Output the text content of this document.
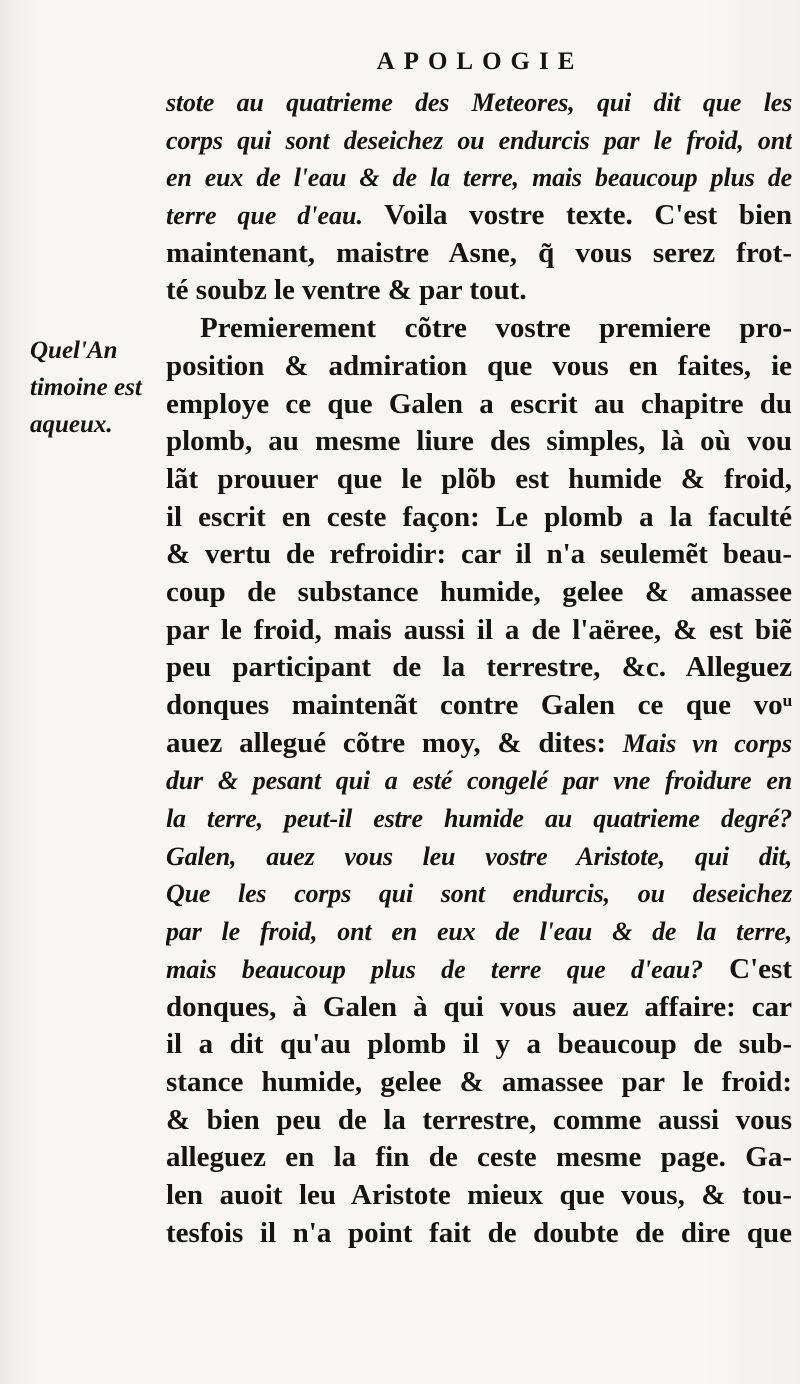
APOLOGIE
Quel'An
timoine est
aqueux.
stote au quatrieme des Meteores, qui dit que les
corps qui sont deseichez ou endurcis par le froid, ont
en eux de l'eau & de la terre, mais beaucoup plus de
terre que d'eau. Voila vostre texte. C'est bien
maintenant, maistre Asne, q̃ vous serez frot-
té soubz le ventre & par tout.
Premierement cõtre vostre premiere pro-
position & admiration que vous en faites, ie
employe ce que Galen a escrit au chapitre du
plomb, au mesme liure des simples, là où vou
lãt prouuer que le plõb est humide & froid,
il escrit en ceste façon: Le plomb a la faculté
& vertu de refroidir: car il n'a seulemẽt beau-
coup de substance humide, gelee & amassee
par le froid, mais aussi il a de l'aëree, & est biẽ
peu participant de la terrestre, &c. Alleguez
donques maintenãt contre Galen ce que voᵘ
auez allegué cõtre moy, & dites: Mais vn corps
dur & pesant qui a esté congelé par vne froidure en
la terre, peut-il estre humide au quatrieme degré?
Galen, auez vous leu vostre Aristote, qui dit,
Que les corps qui sont endurcis, ou deseichez
par le froid, ont en eux de l'eau & de la terre,
mais beaucoup plus de terre que d'eau? C'est
donques, à Galen à qui vous auez affaire: car
il a dit qu'au plomb il y a beaucoup de sub-
stance humide, gelee & amassee par le froid:
& bien peu de la terrestre, comme aussi vous
alleguez en la fin de ceste mesme page. Ga-
len auoit leu Aristote mieux que vous, & tou-
tesfois il n'a point fait de doubte de dire que
